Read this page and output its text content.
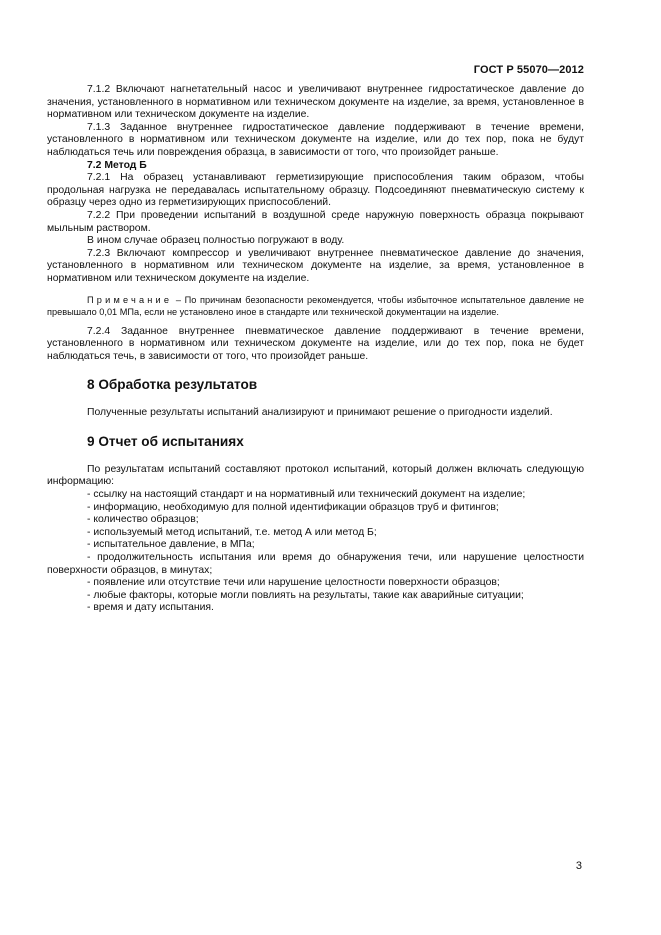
ГОСТ Р 55070—2012

7.1.2 Включают нагнетательный насос и увеличивают внутреннее гидростатическое давление до значения, установленного в нормативном или техническом документе на изделие, за время, установленное в нормативном или техническом документе на изделие.

7.1.3 Заданное внутреннее гидростатическое давление поддерживают в течение времени, установленного в нормативном или техническом документе на изделие, или до тех пор, пока не будут наблюдаться течь или повреждения образца, в зависимости от того, что произойдет раньше.

7.2 Метод Б

7.2.1 На образец устанавливают герметизирующие приспособления таким образом, чтобы продольная нагрузка не передавалась испытательному образцу. Подсоединяют пневматическую систему к образцу через одно из герметизирующих приспособлений.

7.2.2 При проведении испытаний в воздушной среде наружную поверхность образца покрывают мыльным раствором.

В ином случае образец полностью погружают в воду.

7.2.3 Включают компрессор и увеличивают внутреннее пневматическое давление до значения, установленного в нормативном или техническом документе на изделие, за время, установленное в нормативном или техническом документе на изделие.

Примечание – По причинам безопасности рекомендуется, чтобы избыточное испытательное давление не превышало 0,01 МПа, если не установлено иное в стандарте или технической документации на изделие.

7.2.4 Заданное внутреннее пневматическое давление поддерживают в течение времени, установленного в нормативном или техническом документе на изделие, или до тех пор, пока не будет наблюдаться течь, в зависимости от того, что произойдет раньше.

8 Обработка результатов

Полученные результаты испытаний анализируют и принимают решение о пригодности изделий.

9 Отчет об испытаниях

По результатам испытаний составляют протокол испытаний, который должен включать следующую информацию:

- ссылку на настоящий стандарт и на нормативный или технический документ на изделие;
- информацию, необходимую для полной идентификации образцов труб и фитингов;
- количество образцов;
- используемый метод испытаний, т.е. метод А или метод Б;
- испытательное давление, в МПа;
- продолжительность испытания или время до обнаружения течи, или нарушение целостности поверхности образцов, в минутах;
- появление или отсутствие течи или нарушение целостности поверхности образцов;
- любые факторы, которые могли повлиять на результаты, такие как аварийные ситуации;
- время и дату испытания.
3
